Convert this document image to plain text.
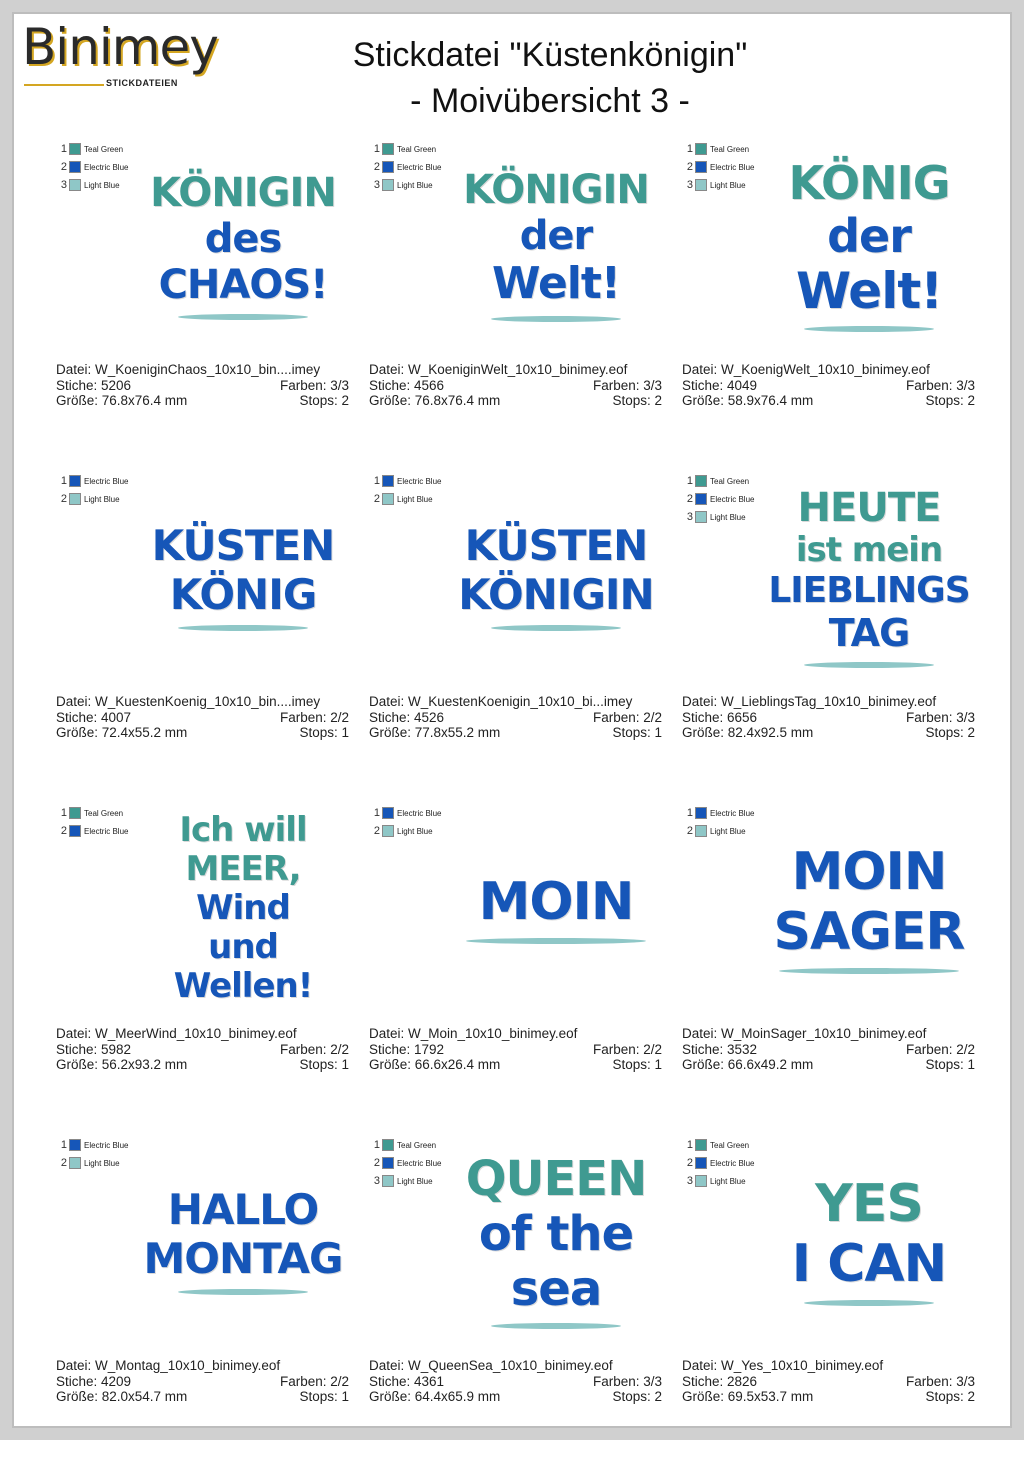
Binimey
STICKDATEIEN
Stickdatei "Küstenkönigin"
- Moivübersicht 3 -
1 Teal Green
2 Electric Blue
3 Light Blue KÖNIGIN
des
CHAOS!
Datei: W_KoeniginChaos_10x10_bin....imey
Stiche: 5206	Farben: 3/3
Größe: 76.8x76.4 mm	Stops: 2
1 Teal Green
2 Electric Blue
3 Light Blue KÖNIGIN
der
Welt!
Datei: W_KoeniginWelt_10x10_binimey.eof
Stiche: 4566	Farben: 3/3
Größe: 76.8x76.4 mm	Stops: 2
1 Teal Green
2 Electric Blue
3 Light Blue KÖNIG
der
Welt!
Datei: W_KoenigWelt_10x10_binimey.eof
Stiche: 4049	Farben: 3/3
Größe: 58.9x76.4 mm	Stops: 2
1 Electric Blue
2 Light Blue
KÜSTEN
KÖNIG
Datei: W_KuestenKoenig_10x10_bin....imey
Stiche: 4007	Farben: 2/2
Größe: 72.4x55.2 mm	Stops: 1
1 Electric Blue
2 Light Blue
KÜSTEN
KÖNIGIN
Datei: W_KuestenKoenigin_10x10_bi...imey
Stiche: 4526	Farben: 2/2
Größe: 77.8x55.2 mm	Stops: 1
1 Teal Green
2 Electric Blue
3 Light Blue HEUTE
ist mein
LIEBLINGS
TAG
Datei: W_LieblingsTag_10x10_binimey.eof
Stiche: 6656	Farben: 3/3
Größe: 82.4x92.5 mm	Stops: 2
1 Teal Green
2 Electric Blue Ich will
MEER,
Wind
und
Wellen!
Datei: W_MeerWind_10x10_binimey.eof
Stiche: 5982	Farben: 2/2
Größe: 56.2x93.2 mm	Stops: 1
1 Electric Blue
2 Light Blue
MOIN
Datei: W_Moin_10x10_binimey.eof
Stiche: 1792	Farben: 2/2
Größe: 66.6x26.4 mm	Stops: 1
1 Electric Blue
2 Light Blue
MOIN
SAGER
Datei: W_MoinSager_10x10_binimey.eof
Stiche: 3532	Farben: 2/2
Größe: 66.6x49.2 mm	Stops: 1
1 Electric Blue
2 Light Blue
HALLO
MONTAG
Datei: W_Montag_10x10_binimey.eof
Stiche: 4209	Farben: 2/2
Größe: 82.0x54.7 mm	Stops: 1
1 Teal Green
2 Electric Blue
3 Light Blue QUEEN
of the
sea
Datei: W_QueenSea_10x10_binimey.eof
Stiche: 4361	Farben: 3/3
Größe: 64.4x65.9 mm	Stops: 2
1 Teal Green
2 Electric Blue
3 Light Blue YES
I CAN
Datei: W_Yes_10x10_binimey.eof
Stiche: 2826	Farben: 3/3
Größe: 69.5x53.7 mm	Stops: 2
